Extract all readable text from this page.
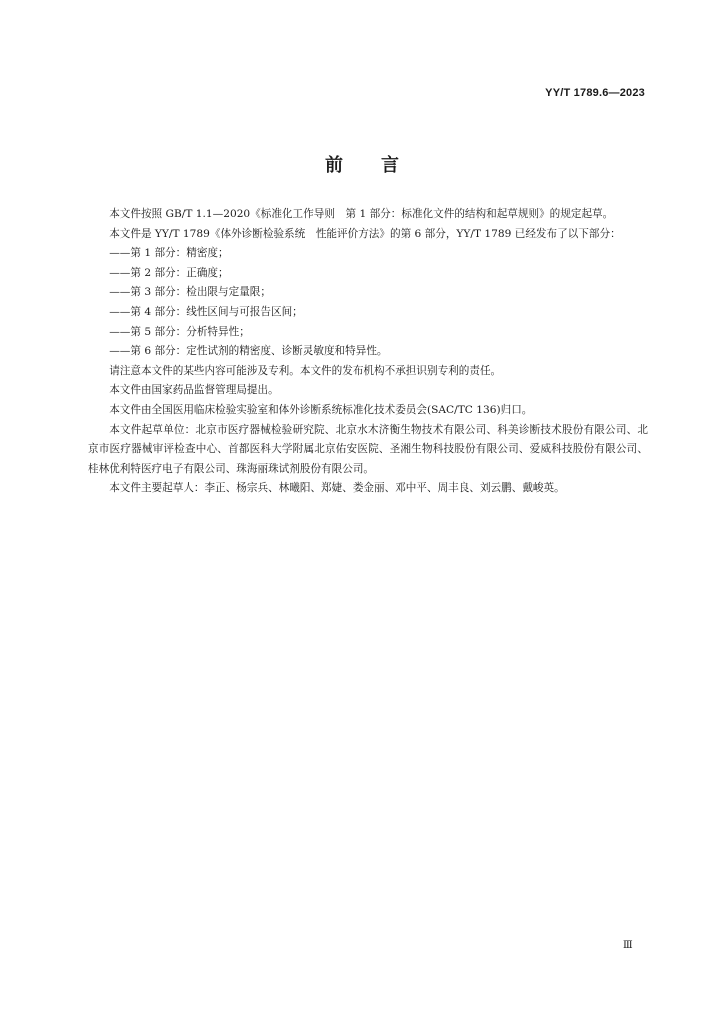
YY/T 1789.6—2023
前言

本文件按照 GB/T 1.1—2020《标准化工作导则　第 1 部分：标准化文件的结构和起草规则》的规定起草。

本文件是 YY/T 1789《体外诊断检验系统　性能评价方法》的第 6 部分，YY/T 1789 已经发布了以下部分：

——第 1 部分：精密度；
——第 2 部分：正确度；
——第 3 部分：检出限与定量限；
——第 4 部分：线性区间与可报告区间；
——第 5 部分：分析特异性；
——第 6 部分：定性试剂的精密度、诊断灵敏度和特异性。

请注意本文件的某些内容可能涉及专利。本文件的发布机构不承担识别专利的责任。

本文件由国家药品监督管理局提出。

本文件由全国医用临床检验实验室和体外诊断系统标准化技术委员会(SAC/TC 136)归口。

本文件起草单位：北京市医疗器械检验研究院、北京水木济衡生物技术有限公司、科美诊断技术股份有限公司、北京市医疗器械审评检查中心、首都医科大学附属北京佑安医院、圣湘生物科技股份有限公司、爱威科技股份有限公司、桂林优利特医疗电子有限公司、珠海丽珠试剂股份有限公司。

本文件主要起草人：李正、杨宗兵、林曦阳、郑婕、娄金丽、邓中平、周丰良、刘云鹏、戴峻英。

Ⅲ
